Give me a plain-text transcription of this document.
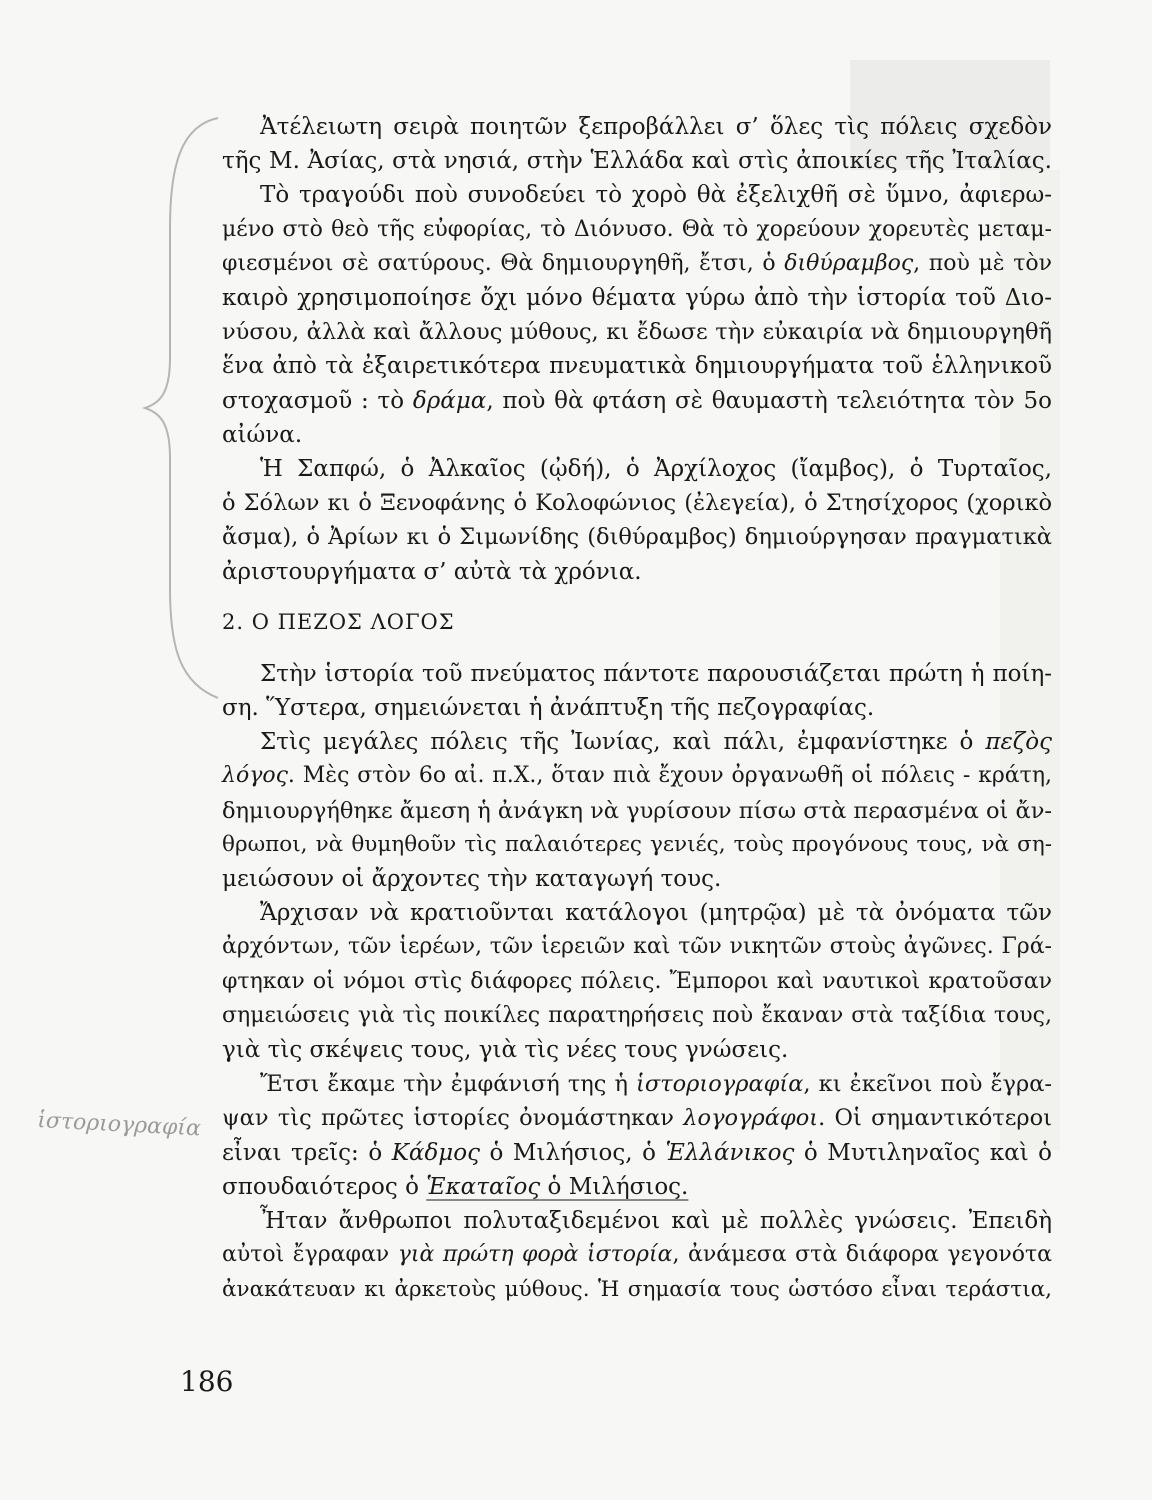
ἱστοριογραφία
Ἀτέλειωτη σειρὰ ποιητῶν ξεπροβάλλει σ’ ὅλες τὶς πόλεις σχεδὸν
τῆς Μ. Ἀσίας, στὰ νησιά, στὴν Ἑλλάδα καὶ στὶς ἀποικίες τῆς Ἰταλίας.
Τὸ τραγούδι ποὺ συνοδεύει τὸ χορὸ θὰ ἐξελιχθῆ σὲ ὕμνο, ἀφιερω-
μένο στὸ θεὸ τῆς εὐφορίας, τὸ Διόνυσο. Θὰ τὸ χορεύουν χορευτὲς μεταμ-
φιεσμένοι σὲ σατύρους. Θὰ δημιουργηθῆ, ἔτσι, ὁ διθύραμβος, ποὺ μὲ τὸν
καιρὸ χρησιμοποίησε ὄχι μόνο θέματα γύρω ἀπὸ τὴν ἱστορία τοῦ Διο-
νύσου, ἀλλὰ καὶ ἄλλους μύθους, κι ἔδωσε τὴν εὐκαιρία νὰ δημιουργηθῆ
ἕνα ἀπὸ τὰ ἐξαιρετικότερα πνευματικὰ δημιουργήματα τοῦ ἑλληνικοῦ
στοχασμοῦ : τὸ δράμα, ποὺ θὰ φτάση σὲ θαυμαστὴ τελειότητα τὸν 5ο
αἰώνα.
Ἡ Σαπφώ, ὁ Ἀλκαῖος (ᾠδή), ὁ Ἀρχίλοχος (ἴαμβος), ὁ Τυρταῖος,
ὁ Σόλων κι ὁ Ξενοφάνης ὁ Κολοφώνιος (ἐλεγεία), ὁ Στησίχορος (χορικὸ
ἄσμα), ὁ Ἀρίων κι ὁ Σιμωνίδης (διθύραμβος) δημιούργησαν πραγματικὰ
ἀριστουργήματα σ’ αὐτὰ τὰ χρόνια.
2. Ο ΠΕΖΟΣ ΛΟΓΟΣ
Στὴν ἱστορία τοῦ πνεύματος πάντοτε παρουσιάζεται πρώτη ἡ ποίη-
ση. Ὕστερα, σημειώνεται ἡ ἀνάπτυξη τῆς πεζογραφίας.
Στὶς μεγάλες πόλεις τῆς Ἰωνίας, καὶ πάλι, ἐμφανίστηκε ὁ πεζὸς
λόγος. Μὲς στὸν 6ο αἰ. π.Χ., ὅταν πιὰ ἔχουν ὀργανωθῆ οἱ πόλεις - κράτη,
δημιουργήθηκε ἄμεση ἡ ἀνάγκη νὰ γυρίσουν πίσω στὰ περασμένα οἱ ἄν-
θρωποι, νὰ θυμηθοῦν τὶς παλαιότερες γενιές, τοὺς προγόνους τους, νὰ ση-
μειώσουν οἱ ἄρχοντες τὴν καταγωγή τους.
Ἄρχισαν νὰ κρατιοῦνται κατάλογοι (μητρῷα) μὲ τὰ ὀνόματα τῶν
ἀρχόντων, τῶν ἱερέων, τῶν ἱερειῶν καὶ τῶν νικητῶν στοὺς ἀγῶνες. Γρά-
φτηκαν οἱ νόμοι στὶς διάφορες πόλεις. Ἔμποροι καὶ ναυτικοὶ κρατοῦσαν
σημειώσεις γιὰ τὶς ποικίλες παρατηρήσεις ποὺ ἔκαναν στὰ ταξίδια τους,
γιὰ τὶς σκέψεις τους, γιὰ τὶς νέες τους γνώσεις.
Ἔτσι ἔκαμε τὴν ἐμφάνισή της ἡ ἱστοριογραφία, κι ἐκεῖνοι ποὺ ἔγρα-
ψαν τὶς πρῶτες ἱστορίες ὀνομάστηκαν λογογράφοι. Οἱ σημαντικότεροι
εἶναι τρεῖς: ὁ Κάδμος ὁ Μιλήσιος, ὁ Ἑλλάνικος ὁ Μυτιληναῖος καὶ ὁ
σπουδαιότερος ὁ Ἑκαταῖος ὁ Μιλήσιος.
Ἦταν ἄνθρωποι πολυταξιδεμένοι καὶ μὲ πολλὲς γνώσεις. Ἐπειδὴ
αὐτοὶ ἔγραφαν γιὰ πρώτη φορὰ ἱστορία, ἀνάμεσα στὰ διάφορα γεγονότα
ἀνακάτευαν κι ἀρκετοὺς μύθους. Ἡ σημασία τους ὡστόσο εἶναι τεράστια,
186
